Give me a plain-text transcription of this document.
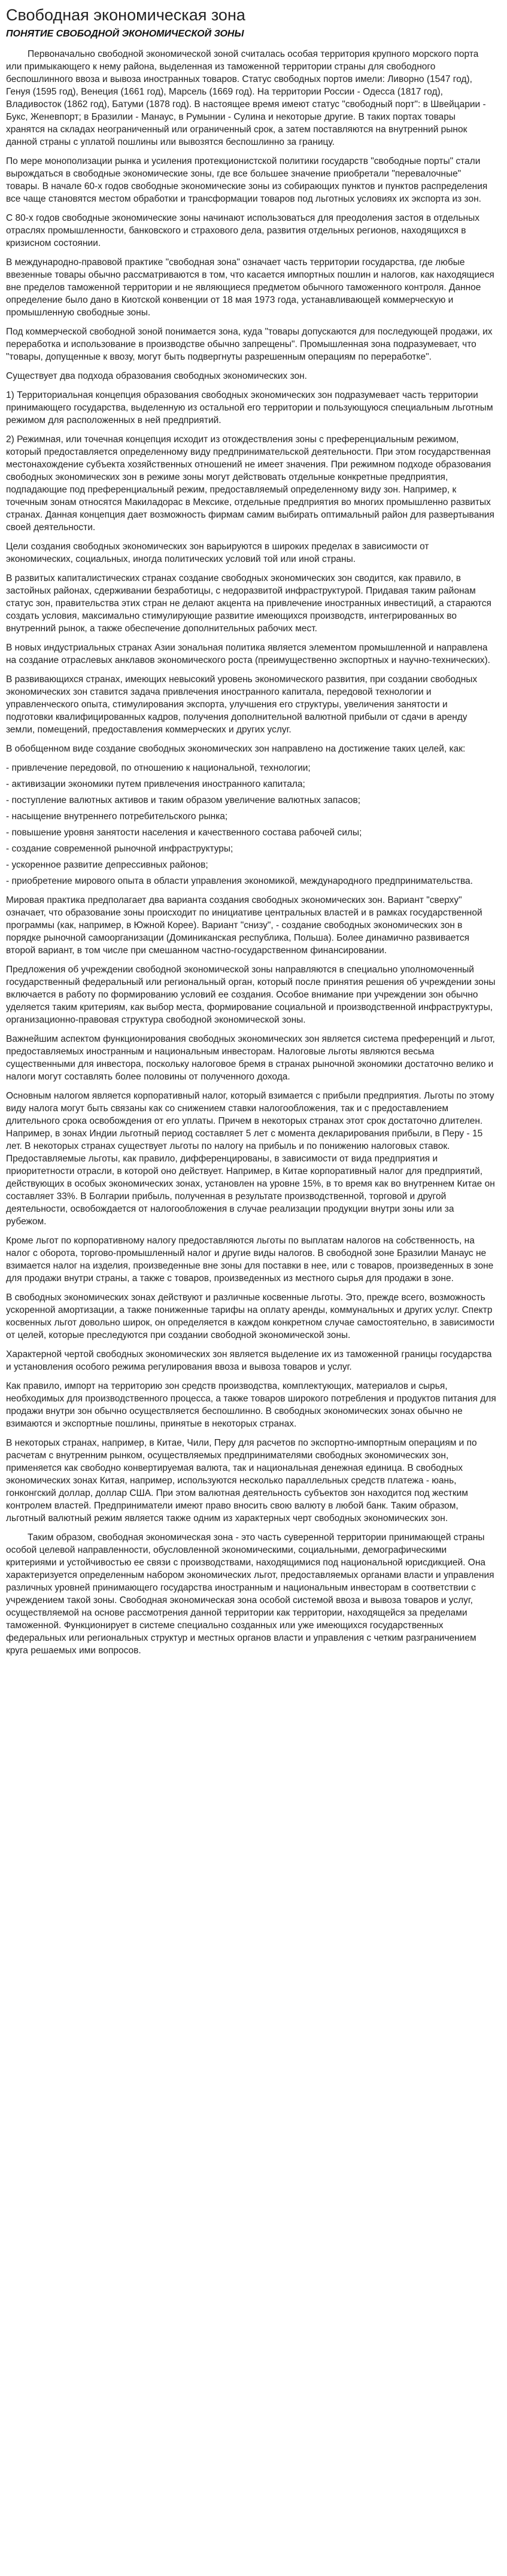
Свободная экономическая зона
ПОНЯТИЕ СВОБОДНОЙ ЭКОНОМИЧЕСКОЙ ЗОНЫ

Первоначально свободной экономической зоной считалась особая территория крупного морского порта или примыкающего к нему района, выделенная из таможенной территории страны для свободного беспошлинного ввоза и вывоза иностранных товаров. Статус свободных портов имели: Ливорно (1547 год), Генуя (1595 год), Венеция (1661 год), Марсель (1669 год). На территории России - Одесса (1817 год), Владивосток (1862 год), Батуми (1878 год). В настоящее время имеют статус "свободный порт": в Швейцарии - Букс, Женевпорт; в Бразилии - Манаус, в Румынии - Сулина и некоторые другие. В таких портах товары хранятся на складах неограниченный или ограниченный срок, а затем поставляются на внутренний рынок данной страны с уплатой пошлины или вывозятся беспошлинно за границу.

По мере монополизации рынка и усиления протекционистской политики государств "свободные порты" стали вырождаться в свободные экономические зоны, где все большее значение приобретали "перевалочные" товары. В начале 60-х годов свободные экономические зоны из собирающих пунктов и пунктов распределения все чаще становятся местом обработки и трансформации товаров под льготных условиях их экспорта из зон.

С 80-х годов свободные экономические зоны начинают использоваться для преодоления застоя в отдельных отраслях промышленности, банковского и страхового дела, развития отдельных регионов, находящихся в кризисном состоянии.

В международно-правовой практике "свободная зона" означает часть территории государства, где любые ввезенные товары обычно рассматриваются в том, что касается импортных пошлин и налогов, как находящиеся вне пределов таможенной территории и не являющиеся предметом обычного таможенного контроля. Данное определение было дано в Киотской конвенции от 18 мая 1973 года, устанавливающей коммерческую и промышленную свободные зоны.

Под коммерческой свободной зоной понимается зона, куда "товары допускаются для последующей продажи, их переработка и использование в производстве обычно запрещены". Промышленная зона подразумевает, что "товары, допущенные к ввозу, могут быть подвергнуты разрешенным операциям по переработке".

Существует два подхода образования свободных экономических зон.

1) Территориальная концепция образования свободных экономических зон подразумевает часть территории принимающего государства, выделенную из остальной его территории и пользующуюся специальным льготным режимом для расположенных в ней предприятий.

2) Режимная, или точечная концепция исходит из отождествления зоны с преференциальным режимом, который предоставляется определенному виду предпринимательской деятельности. При этом государственная местонахождение субъекта хозяйственных отношений не имеет значения. При режимном подходе образования свободных экономических зон в режиме зоны могут действовать отдельные конкретные предприятия, подпадающие под преференциальный режим, предоставляемый определенному виду зон. Например, к точечным зонам относятся Макиладорас в Мексике, отдельные предприятия во многих промышленно развитых странах. Данная концепция дает возможность фирмам самим выбирать оптимальный район для развертывания своей деятельности.

Цели создания свободных экономических зон варьируются в широких пределах в зависимости от экономических, социальных, иногда политических условий той или иной страны.

В развитых капиталистических странах создание свободных экономических зон сводится, как правило, в застойных районах, сдерживании безработицы, с недоразвитой инфраструктурой. Придавая таким районам статус зон, правительства этих стран не делают акцента на привлечение иностранных инвестиций, а стараются создать условия, максимально стимулирующие развитие имеющихся производств, интегрированных во внутренний рынок, а также обеспечение дополнительных рабочих мест.

В новых индустриальных странах Азии зональная политика является элементом промышленной и направлена на создание отраслевых анклавов экономического роста (преимущественно экспортных и научно-технических).

В развивающихся странах, имеющих невысокий уровень экономического развития, при создании свободных экономических зон ставится задача привлечения иностранного капитала, передовой технологии и управленческого опыта, стимулирования экспорта, улучшения его структуры, увеличения занятости и подготовки квалифицированных кадров, получения дополнительной валютной прибыли от сдачи в аренду земли, помещений, предоставления коммерческих и других услуг.

В обобщенном виде создание свободных экономических зон направлено на достижение таких целей, как:

- привлечение передовой, по отношению к национальной, технологии;

- активизации экономики путем привлечения иностранного капитала;

- поступление валютных активов и таким образом увеличение валютных запасов;

- насыщение внутреннего потребительского рынка;

- повышение уровня занятости населения и качественного состава рабочей силы;

- создание современной рыночной инфраструктуры;

- ускоренное развитие депрессивных районов;

- приобретение мирового опыта в области управления экономикой, международного предпринимательства.

Мировая практика предполагает два варианта создания свободных экономических зон. Вариант "сверху" означает, что образование зоны происходит по инициативе центральных властей и в рамках государственной программы (как, например, в Южной Корее). Вариант "снизу", - создание свободных экономических зон в порядке рыночной самоорганизации (Доминиканская республика, Польша). Более динамично развивается второй вариант, в том числе при смешанном частно-государственном финансировании.

Предложения об учреждении свободной экономической зоны направляются в специально уполномоченный государственный федеральный или региональный орган, который после принятия решения об учреждении зоны включается в работу по формированию условий ее создания. Особое внимание при учреждении зон обычно уделяется таким критериям, как выбор места, формирование социальной и производственной инфраструктуры, организационно-правовая структура свободной экономической зоны.

Важнейшим аспектом функционирования свободных экономических зон является система преференций и льгот, предоставляемых иностранным и национальным инвесторам. Налоговые льготы являются весьма существенными для инвестора, поскольку налоговое бремя в странах рыночной экономики достаточно велико и налоги могут составлять более половины от полученного дохода.

Основным налогом является корпоративный налог, который взимается с прибыли предприятия. Льготы по этому виду налога могут быть связаны как со снижением ставки налогообложения, так и с предоставлением длительного срока освобождения от его уплаты. Причем в некоторых странах этот срок достаточно длителен. Например, в зонах Индии льготный период составляет 5 лет с момента декларирования прибыли, в Перу - 15 лет. В некоторых странах существует льготы по налогу на прибыль и по понижению налоговых ставок. Предоставляемые льготы, как правило, дифференцированы, в зависимости от вида предприятия и приоритетности отрасли, в которой оно действует. Например, в Китае корпоративный налог для предприятий, действующих в особых экономических зонах, установлен на уровне 15%, в то время как во внутреннем Китае он составляет 33%. В Болгарии прибыль, полученная в результате производственной, торговой и другой деятельности, освобождается от налогообложения в случае реализации продукции внутри зоны или за рубежом.

Кроме льгот по корпоративному налогу предоставляются льготы по выплатам налогов на собственность, на налог с оборота, торгово-промышленный налог и другие виды налогов. В свободной зоне Бразилии Манаус не взимается налог на изделия, произведенные вне зоны для поставки в нее, или с товаров, произведенных в зоне для продажи внутри страны, а также с товаров, произведенных из местного сырья для продажи в зоне.

В свободных экономических зонах действуют и различные косвенные льготы. Это, прежде всего, возможность ускоренной амортизации, а также пониженные тарифы на оплату аренды, коммунальных и других услуг. Спектр косвенных льгот довольно широк, он определяется в каждом конкретном случае самостоятельно, в зависимости от целей, которые преследуются при создании свободной экономической зоны.

Характерной чертой свободных экономических зон является выделение их из таможенной границы государства и установления особого режима регулирования ввоза и вывоза товаров и услуг.

Как правило, импорт на территорию зон средств производства, комплектующих, материалов и сырья, необходимых для производственного процесса, а также товаров широкого потребления и продуктов питания для продажи внутри зон обычно осуществляется беспошлинно. В свободных экономических зонах обычно не взимаются и экспортные пошлины, принятые в некоторых странах.

В некоторых странах, например, в Китае, Чили, Перу для расчетов по экспортно-импортным операциям и по расчетам с внутренним рынком, осуществляемых предпринимателями свободных экономических зон, применяется как свободно конвертируемая валюта, так и национальная денежная единица. В свободных экономических зонах Китая, например, используются несколько параллельных средств платежа - юань, гонконгский доллар, доллар США. При этом валютная деятельность субъектов зон находится под жестким контролем властей. Предприниматели имеют право вносить свою валюту в любой банк. Таким образом, льготный валютный режим является также одним из характерных черт свободных экономических зон.

Таким образом, свободная экономическая зона - это часть суверенной территории принимающей страны особой целевой направленности, обусловленной экономическими, социальными, демографическими критериями и устойчивостью ее связи с производствами, находящимися под национальной юрисдикцией. Она характеризуется определенным набором экономических льгот, предоставляемых органами власти и управления различных уровней принимающего государства иностранным и национальным инвесторам в соответствии с учреждением такой зоны. Свободная экономическая зона особой системой ввоза и вывоза товаров и услуг, осуществляемой на основе рассмотрения данной территории как территории, находящейся за пределами таможенной. Функционирует в системе специально созданных или уже имеющихся государственных федеральных или региональных структур и местных органов власти и управления с четким разграничением круга решаемых ими вопросов.
